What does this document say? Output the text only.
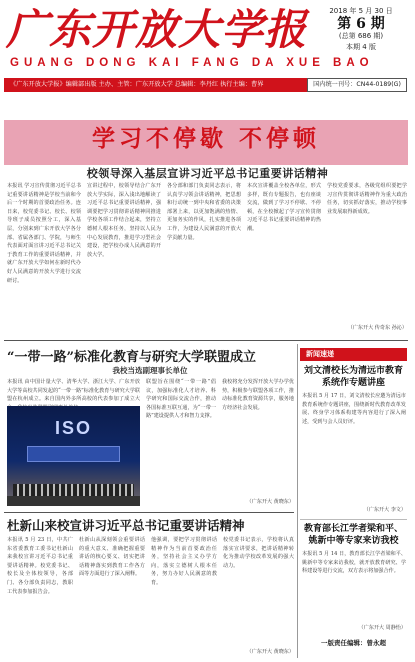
广东开放大学报
GUANG DONG KAI FANG DA XUE BAO
2018 年 5 月 30 日
第 6 期
(总第 686 期)
本期 4 版
《广东开放大学报》编辑部出版 主办、主管：广东开放大学 总编辑：李丹红 执行主编：曹界	国内统一刊号：CN44-0189(G)
学习不停歇 不停顿
校领导深入基层宣讲习近平总书记重要讲话精神
本报讯 学习宣传贯彻习近平总书记重要讲话精神是学校当前和今后一个时期的首要政治任务。连日来，校党委书记、校长、校领导班子成员按照分工，深入基层，分别来到广东开放大学各分部、省属各部门、学院，与师生代表面对面宣讲习近平总书记关于教育工作的重要讲话精神，并就广东开放大学如何在新时代办好人民满意的开放大学进行交流研讨。
宣讲过程中，校领导结合广东开放大学实际，深入浅出地解读了习近平总书记重要讲话精神，强调要把学习贯彻讲话精神同推进学校各项工作结合起来，坚持立德树人根本任务，坚持以人民为中心发展教育，推进学习型社会建设，把学校办成人民满意的开放大学。
各分部和部门负责同志表示，将认真学习领会讲话精神，把思想和行动统一到中央和省委的决策部署上来，以更加饱满的热情、更加务实的作风，扎实推进各项工作，为建设人民满意的开放大学贡献力量。
本次宣讲覆盖全校各单位，形式多样，既有专题报告，也有座谈交流，做到了学习不停歇、不停顿，在全校掀起了学习宣传贯彻习近平总书记重要讲话精神的热潮。
学校党委要求，各级党组织要把学习宣传贯彻讲话精神作为重大政治任务，切实抓好落实，推动学校事业发展取得新成效。
（广东开大 传奇东 孙沁）
“一带一路”标准化教育与研究大学联盟成立
我校当选副理事长单位
本报讯 由中国计量大学、清华大学、浙江大学、广东开放大学等高校共同发起的“一带一路”标准化教育与研究大学联盟在杭州成立。来自国内外多所高校的代表参加了成立大
ISO
联盟旨在围绕“一带一路”倡议，加强标准化人才培养、科学研究和国际交流合作，推动各国标准互联互通，为“一带一路”建设提供人才和智力支撑。
我校将充分发挥开放大学办学优势，积极参与联盟各项工作，推动标准化教育资源共享，服务地方经济社会发展。
（广东开大 黄晓东）
杜新山来校宣讲习近平总书记重要讲话精神
本报讯 5 月 23 日，中共广东省委教育工委书记杜新山来我校宣讲习近平总书记重要讲话精神。校党委书记、校长及全体校领导，各部门、各分部负责同志，教职工代表参加报告会。
杜新山从深刻领会重要讲话的重大意义、准确把握重要讲话的核心要义、切实把讲话精神落实到教育工作各方面等方面进行了深入阐释。
他强调，要把学习贯彻讲话精神作为当前首要政治任务，坚持社会主义办学方向，落实立德树人根本任务，努力办好人民满意的教育。
校党委书记表示，学校将认真落实宣讲要求，把讲话精神转化为推动学校改革发展的强大动力。
（广东开大 黄晓东）
新闻速递
刘文清校长为清远市教育系统作专题讲座
本报讯 5 月 17 日，刘文清校长应邀为清远市教育系统作专题讲座，围绕新时代教育改革发展、终身学习体系构建等内容进行了深入阐述，受到与会人员好评。
（广东开大 李文）
教育部长江学者梁和平、姚新中等专家来访我校
本报讯 5 月 14 日，教育部长江学者梁和平、姚新中等专家来访我校，就开放教育研究、学科建设等进行交流，双方表示将加强合作。
（广东开大 周静怡）
一版责任编辑：曾永超
